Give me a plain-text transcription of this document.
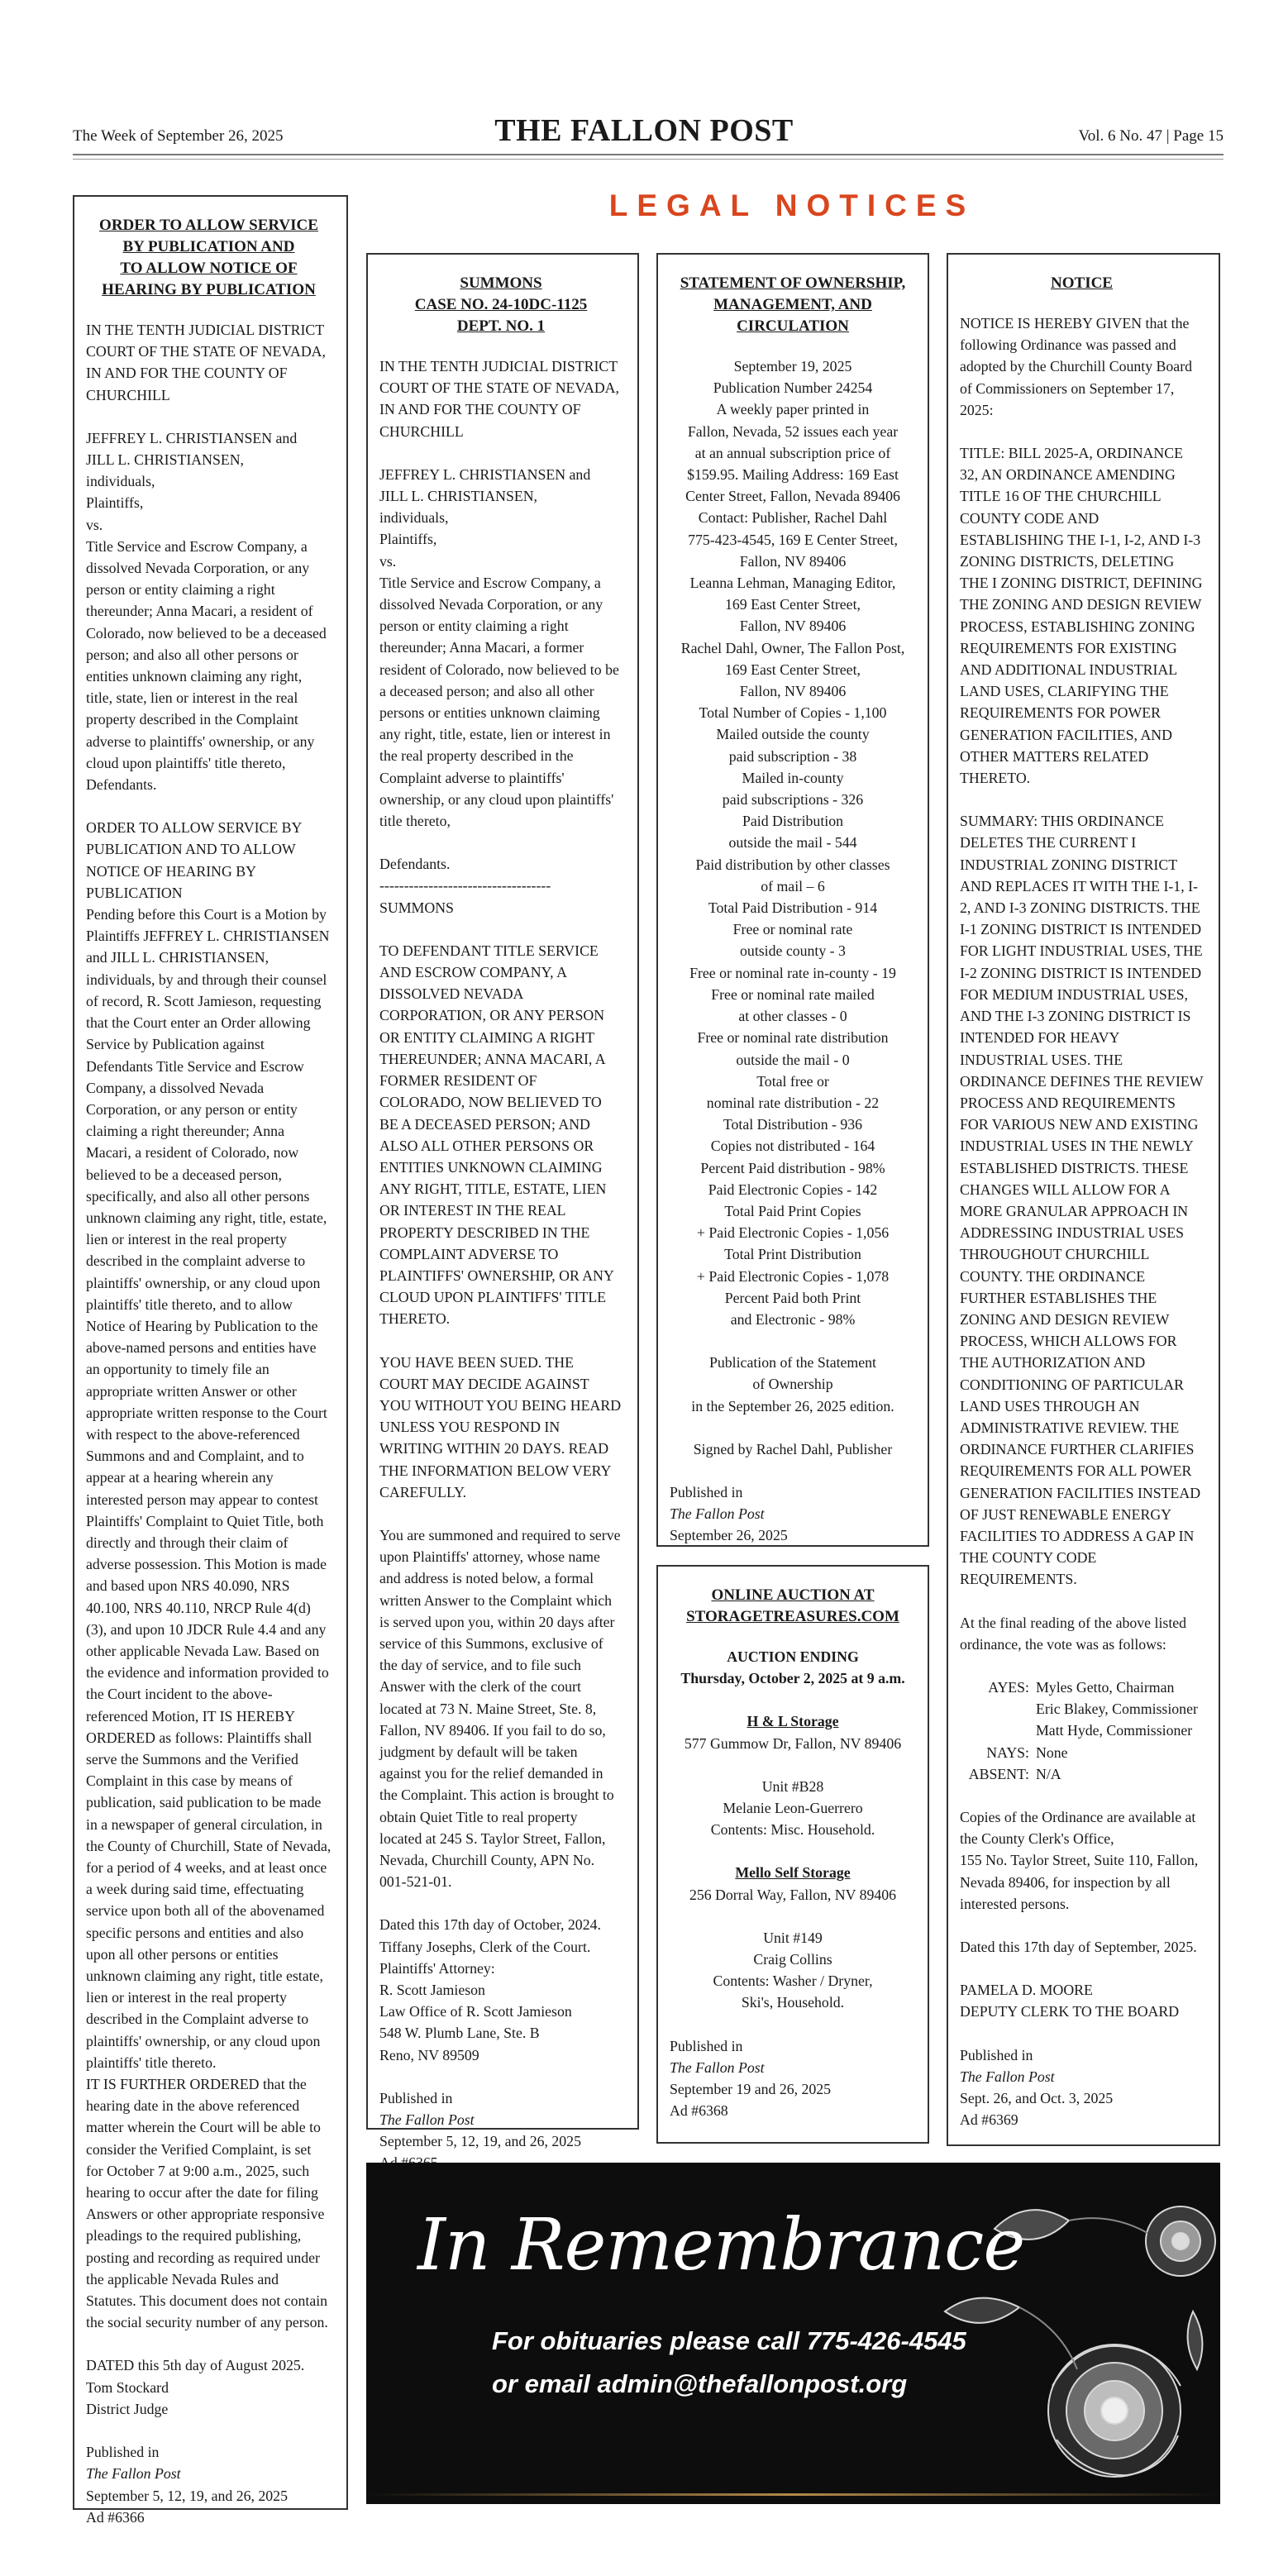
The Week of September 26, 2025	THE FALLON POST	Vol. 6 No. 47 | Page 15
LEGAL NOTICES
ORDER TO ALLOW SERVICE
BY PUBLICATION AND
TO ALLOW NOTICE OF
HEARING BY PUBLICATION
IN THE TENTH JUDICIAL DISTRICT COURT OF THE STATE OF NEVADA, IN AND FOR THE COUNTY OF CHURCHILL
JEFFREY L. CHRISTIANSEN and
JILL L. CHRISTIANSEN,
individuals,
Plaintiffs,
vs.
Title Service and Escrow Company, a dissolved Nevada Corporation, or any person or entity claiming a right thereunder; Anna Macari, a resident of Colorado, now believed to be a deceased person; and also all other persons or entities unknown claiming any right, title, state, lien or interest in the real property described in the Complaint adverse to plaintiffs' ownership, or any cloud upon plaintiffs' title thereto,
Defendants.
ORDER TO ALLOW SERVICE BY PUBLICATION AND TO ALLOW NOTICE OF HEARING BY PUBLICATION
Pending before this Court is a Motion by Plaintiffs JEFFREY L. CHRISTIANSEN and JILL L. CHRISTIANSEN, individuals, by and through their counsel of record, R. Scott Jamieson, requesting that the Court enter an Order allowing Service by Publication against Defendants Title Service and Escrow Company, a dissolved Nevada Corporation, or any person or entity claiming a right thereunder; Anna Macari, a resident of Colorado, now believed to be a deceased person, specifically, and also all other persons unknown claiming any right, title, estate, lien or interest in the real property described in the complaint adverse to plaintiffs' ownership, or any cloud upon plaintiffs' title thereto, and to allow Notice of Hearing by Publication to the above-named persons and entities have an opportunity to timely file an appropriate written Answer or other appropriate written response to the Court with respect to the above-referenced Summons and and Complaint, and to appear at a hearing wherein any interested person may appear to contest Plaintiffs' Complaint to Quiet Title, both directly and through their claim of adverse possession. This Motion is made and based upon NRS 40.090, NRS 40.100, NRS 40.110, NRCP Rule 4(d) (3), and upon 10 JDCR Rule 4.4 and any other applicable Nevada Law. Based on the evidence and information provided to the Court incident to the above-referenced Motion, IT IS HEREBY ORDERED as follows: Plaintiffs shall serve the Summons and the Verified Complaint in this case by means of publication, said publication to be made in a newspaper of general circulation, in the County of Churchill, State of Nevada, for a period of 4 weeks, and at least once a week during said time, effectuating service upon both all of the abovenamed specific persons and entities and also upon all other persons or entities unknown claiming any right, title estate, lien or interest in the real property described in the Complaint adverse to plaintiffs' ownership, or any cloud upon plaintiffs' title thereto.
IT IS FURTHER ORDERED that the hearing date in the above referenced matter wherein the Court will be able to consider the Verified Complaint, is set for October 7 at 9:00 a.m., 2025, such hearing to occur after the date for filing Answers or other appropriate responsive pleadings to the required publishing, posting and recording as required under the applicable Nevada Rules and Statutes. This document does not contain the social security number of any person.
DATED this 5th day of August 2025.
Tom Stockard
District Judge
Published in
The Fallon Post
September 5, 12, 19, and 26, 2025
Ad #6366
SUMMONS
CASE NO. 24-10DC-1125
DEPT. NO. 1
IN THE TENTH JUDICIAL DISTRICT COURT OF THE STATE OF NEVADA, IN AND FOR THE COUNTY OF CHURCHILL
JEFFREY L. CHRISTIANSEN and
JILL L. CHRISTIANSEN,
individuals,
Plaintiffs,
vs.
Title Service and Escrow Company, a dissolved Nevada Corporation, or any person or entity claiming a right thereunder; Anna Macari, a former resident of Colorado, now believed to be a deceased person; and also all other persons or entities unknown claiming any right, title, estate, lien or interest in the real property described in the Complaint adverse to plaintiffs' ownership, or any cloud upon plaintiffs' title thereto,
Defendants.
-----------------------------------
SUMMONS
TO DEFENDANT TITLE SERVICE AND ESCROW COMPANY, A DISSOLVED NEVADA CORPORATION, OR ANY PERSON OR ENTITY CLAIMING A RIGHT THEREUNDER; ANNA MACARI, A FORMER RESIDENT OF COLORADO, NOW BELIEVED TO BE A DECEASED PERSON; AND ALSO ALL OTHER PERSONS OR ENTITIES UNKNOWN CLAIMING ANY RIGHT, TITLE, ESTATE, LIEN OR INTEREST IN THE REAL PROPERTY DESCRIBED IN THE COMPLAINT ADVERSE TO PLAINTIFFS' OWNERSHIP, OR ANY CLOUD UPON PLAINTIFFS' TITLE THERETO.
YOU HAVE BEEN SUED. THE COURT MAY DECIDE AGAINST YOU WITHOUT YOU BEING HEARD UNLESS YOU RESPOND IN WRITING WITHIN 20 DAYS. READ THE INFORMATION BELOW VERY CAREFULLY.
You are summoned and required to serve upon Plaintiffs' attorney, whose name and address is noted below, a formal written Answer to the Complaint which is served upon you, within 20 days after service of this Summons, exclusive of the day of service, and to file such Answer with the clerk of the court located at 73 N. Maine Street, Ste. 8, Fallon, NV 89406. If you fail to do so, judgment by default will be taken against you for the relief demanded in the Complaint. This action is brought to obtain Quiet Title to real property located at 245 S. Taylor Street, Fallon, Nevada, Churchill County, APN No. 001-521-01.
Dated this 17th day of October, 2024.
Tiffany Josephs, Clerk of the Court.
Plaintiffs' Attorney:
R. Scott Jamieson
Law Office of R. Scott Jamieson
548 W. Plumb Lane, Ste. B
Reno, NV 89509
Published in
The Fallon Post
September 5, 12, 19, and 26, 2025
STATEMENT OF OWNERSHIP,
MANAGEMENT, AND
CIRCULATION
September 19, 2025
Publication Number 24254
A weekly paper printed in
Fallon, Nevada, 52 issues each year
at an annual subscription price of
$159.95. Mailing Address: 169 East
Center Street, Fallon, Nevada 89406
Contact: Publisher, Rachel Dahl
775-423-4545, 169 E Center Street,
Fallon, NV 89406
Leanna Lehman, Managing Editor,
169 East Center Street,
Fallon, NV 89406
Rachel Dahl, Owner, The Fallon Post,
169 East Center Street,
Fallon, NV 89406
Total Number of Copies - 1,100
Mailed outside the county
paid subscription - 38
Mailed in-county
paid subscriptions - 326
Paid Distribution
outside the mail - 544
Paid distribution by other classes
of mail – 6
Total Paid Distribution - 914
Free or nominal rate
outside county - 3
Free or nominal rate in-county - 19
Free or nominal rate mailed
at other classes - 0
Free or nominal rate distribution
outside the mail - 0
Total free or
nominal rate distribution - 22
Total Distribution - 936
Copies not distributed - 164
Percent Paid distribution - 98%
Paid Electronic Copies - 142
Total Paid Print Copies
+ Paid Electronic Copies - 1,056
Total Print Distribution
+ Paid Electronic Copies - 1,078
Percent Paid both Print
and Electronic - 98%
Publication of the Statement
of Ownership
in the September 26, 2025 edition.
Signed by Rachel Dahl, Publisher
Published in
The Fallon Post
September 26, 2025
ONLINE AUCTION AT
STORAGETREASURES.COM
AUCTION ENDING
Thursday, October 2, 2025 at 9 a.m.
H & L Storage
577 Gummow Dr, Fallon, NV 89406
Unit #B28
Melanie Leon-Guerrero
Contents: Misc. Household.
Mello Self Storage
256 Dorral Way, Fallon, NV 89406
Unit #149
Craig Collins
Contents: Washer / Dryner,
Ski's, Household.
Published in
The Fallon Post
September 19 and 26, 2025
Ad #6368
NOTICE
NOTICE IS HEREBY GIVEN that the following Ordinance was passed and adopted by the Churchill County Board of Commissioners on September 17, 2025:
TITLE: BILL 2025-A, ORDINANCE 32, AN ORDINANCE AMENDING TITLE 16 OF THE CHURCHILL COUNTY CODE AND ESTABLISHING THE I-1, I-2, AND I-3 ZONING DISTRICTS, DELETING THE I ZONING DISTRICT, DEFINING THE ZONING AND DESIGN REVIEW PROCESS, ESTABLISHING ZONING REQUIREMENTS FOR EXISTING AND ADDITIONAL INDUSTRIAL LAND USES, CLARIFYING THE REQUIREMENTS FOR POWER GENERATION FACILITIES, AND OTHER MATTERS RELATED THERETO.
SUMMARY: THIS ORDINANCE DELETES THE CURRENT I INDUSTRIAL ZONING DISTRICT AND REPLACES IT WITH THE I-1, I-2, AND I-3 ZONING DISTRICTS. THE I-1 ZONING DISTRICT IS INTENDED FOR LIGHT INDUSTRIAL USES, THE I-2 ZONING DISTRICT IS INTENDED FOR MEDIUM INDUSTRIAL USES, AND THE I-3 ZONING DISTRICT IS INTENDED FOR HEAVY INDUSTRIAL USES. THE ORDINANCE DEFINES THE REVIEW PROCESS AND REQUIREMENTS FOR VARIOUS NEW AND EXISTING INDUSTRIAL USES IN THE NEWLY ESTABLISHED DISTRICTS. THESE CHANGES WILL ALLOW FOR A MORE GRANULAR APPROACH IN ADDRESSING INDUSTRIAL USES THROUGHOUT CHURCHILL COUNTY. THE ORDINANCE FURTHER ESTABLISHES THE ZONING AND DESIGN REVIEW PROCESS, WHICH ALLOWS FOR THE AUTHORIZATION AND CONDITIONING OF PARTICULAR LAND USES THROUGH AN ADMINISTRATIVE REVIEW. THE ORDINANCE FURTHER CLARIFIES REQUIREMENTS FOR ALL POWER GENERATION FACILITIES INSTEAD OF JUST RENEWABLE ENERGY FACILITIES TO ADDRESS A GAP IN THE COUNTY CODE REQUIREMENTS.
At the final reading of the above listed ordinance, the vote was as follows:
AYES: Myles Getto, Chairman
Eric Blakey, Commissioner
Matt Hyde, Commissioner
NAYS: None
ABSENT: N/A
Copies of the Ordinance are available at the County Clerk's Office,
155 No. Taylor Street, Suite 110, Fallon, Nevada 89406, for inspection by all interested persons.
Dated this 17th day of September, 2025.
PAMELA D. MOORE
DEPUTY CLERK TO THE BOARD
Published in
The Fallon Post
Sept. 26, and Oct. 3, 2025
Ad #6369
In Remembrance
For obituaries please call 775-426-4545
or email admin@thefallonpost.org
